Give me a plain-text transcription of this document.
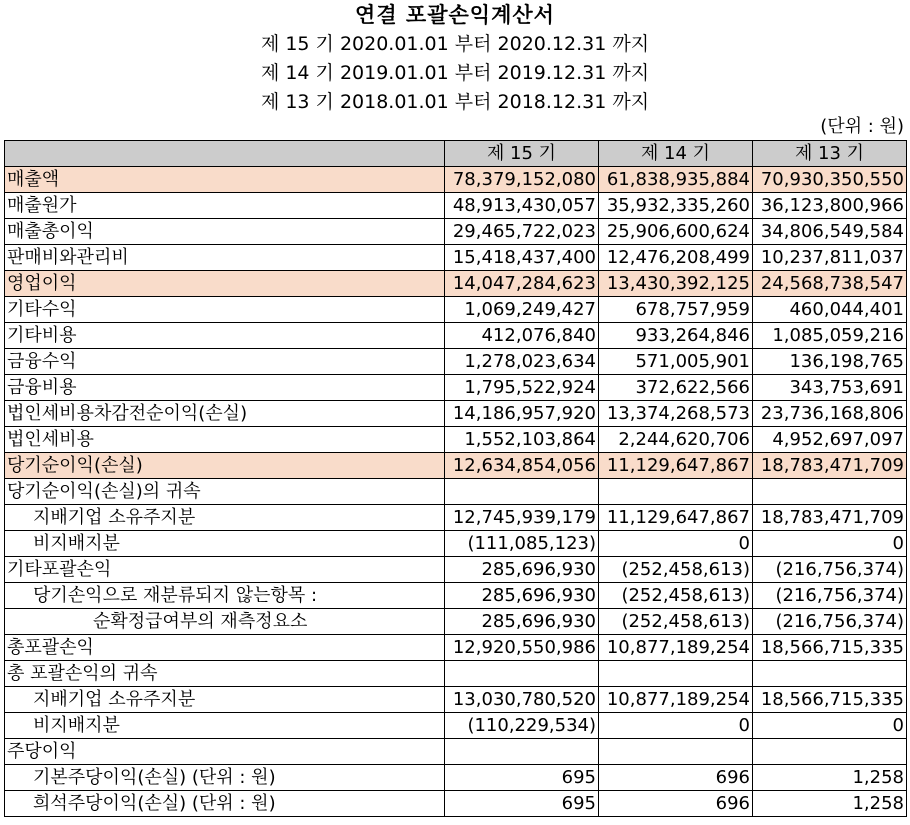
연결 포괄손익계산서
제 15 기 2020.01.01 부터 2020.12.31 까지
제 14 기 2019.01.01 부터 2019.12.31 까지
제 13 기 2018.01.01 부터 2018.12.31 까지
(단위 : 원)
	제 15 기	제 14 기	제 13 기
매출액	78,379,152,080	61,838,935,884	70,930,350,550
매출원가	48,913,430,057	35,932,335,260	36,123,800,966
매출총이익	29,465,722,023	25,906,600,624	34,806,549,584
판매비와관리비	15,418,437,400	12,476,208,499	10,237,811,037
영업이익	14,047,284,623	13,430,392,125	24,568,738,547
기타수익	1,069,249,427	678,757,959	460,044,401
기타비용	412,076,840	933,264,846	1,085,059,216
금융수익	1,278,023,634	571,005,901	136,198,765
금융비용	1,795,522,924	372,622,566	343,753,691
법인세비용차감전순이익(손실)	14,186,957,920	13,374,268,573	23,736,168,806
법인세비용	1,552,103,864	2,244,620,706	4,952,697,097
당기순이익(손실)	12,634,854,056	11,129,647,867	18,783,471,709
당기순이익(손실)의 귀속			
지배기업 소유주지분	12,745,939,179	11,129,647,867	18,783,471,709
비지배지분	(111,085,123)	0	0
기타포괄손익	285,696,930	(252,458,613)	(216,756,374)
당기손익으로 재분류되지 않는항목 :	285,696,930	(252,458,613)	(216,756,374)
순확정급여부의 재측정요소	285,696,930	(252,458,613)	(216,756,374)
총포괄손익	12,920,550,986	10,877,189,254	18,566,715,335
총 포괄손익의 귀속			
지배기업 소유주지분	13,030,780,520	10,877,189,254	18,566,715,335
비지배지분	(110,229,534)	0	0
주당이익			
기본주당이익(손실) (단위 : 원)	695	696	1,258
희석주당이익(손실) (단위 : 원)	695	696	1,258
